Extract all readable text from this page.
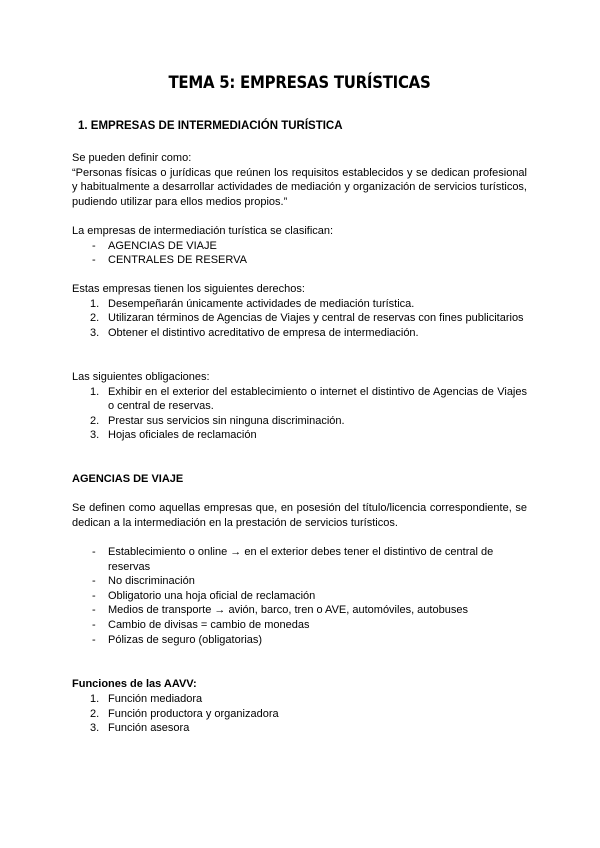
TEMA 5: EMPRESAS TURÍSTICAS
1. EMPRESAS DE INTERMEDIACIÓN TURÍSTICA

Se pueden definir como:

“Personas físicas o jurídicas que reúnen los requisitos establecidos y se dedican profesional y habitualmente a desarrollar actividades de mediación y organización de servicios turísticos, pudiendo utilizar para ellos medios propios.”

La empresas de intermediación turística se clasifican:

- AGENCIAS DE VIAJE
- CENTRALES DE RESERVA

Estas empresas tienen los siguientes derechos:

1. Desempeñarán únicamente actividades de mediación turística.
2. Utilizaran términos de Agencias de Viajes y central de reservas con fines publicitarios
3. Obtener el distintivo acreditativo de empresa de intermediación.

Las siguientes obligaciones:

1. Exhibir en el exterior del establecimiento o internet el distintivo de Agencias de Viajes o central de reservas.
2. Prestar sus servicios sin ninguna discriminación.
3. Hojas oficiales de reclamación
AGENCIAS DE VIAJE
Se definen como aquellas empresas que, en posesión del título/licencia correspondiente, se dedican a la intermediación en la prestación de servicios turísticos.
- Establecimiento o online → en el exterior debes tener el distintivo de central de reservas
- No discriminación
- Obligatorio una hoja oficial de reclamación
- Medios de transporte → avión, barco, tren o AVE, automóviles, autobuses
- Cambio de divisas = cambio de monedas
- Pólizas de seguro (obligatorias)
Funciones de las AAVV:
1. Función mediadora
2. Función productora y organizadora
3. Función asesora
